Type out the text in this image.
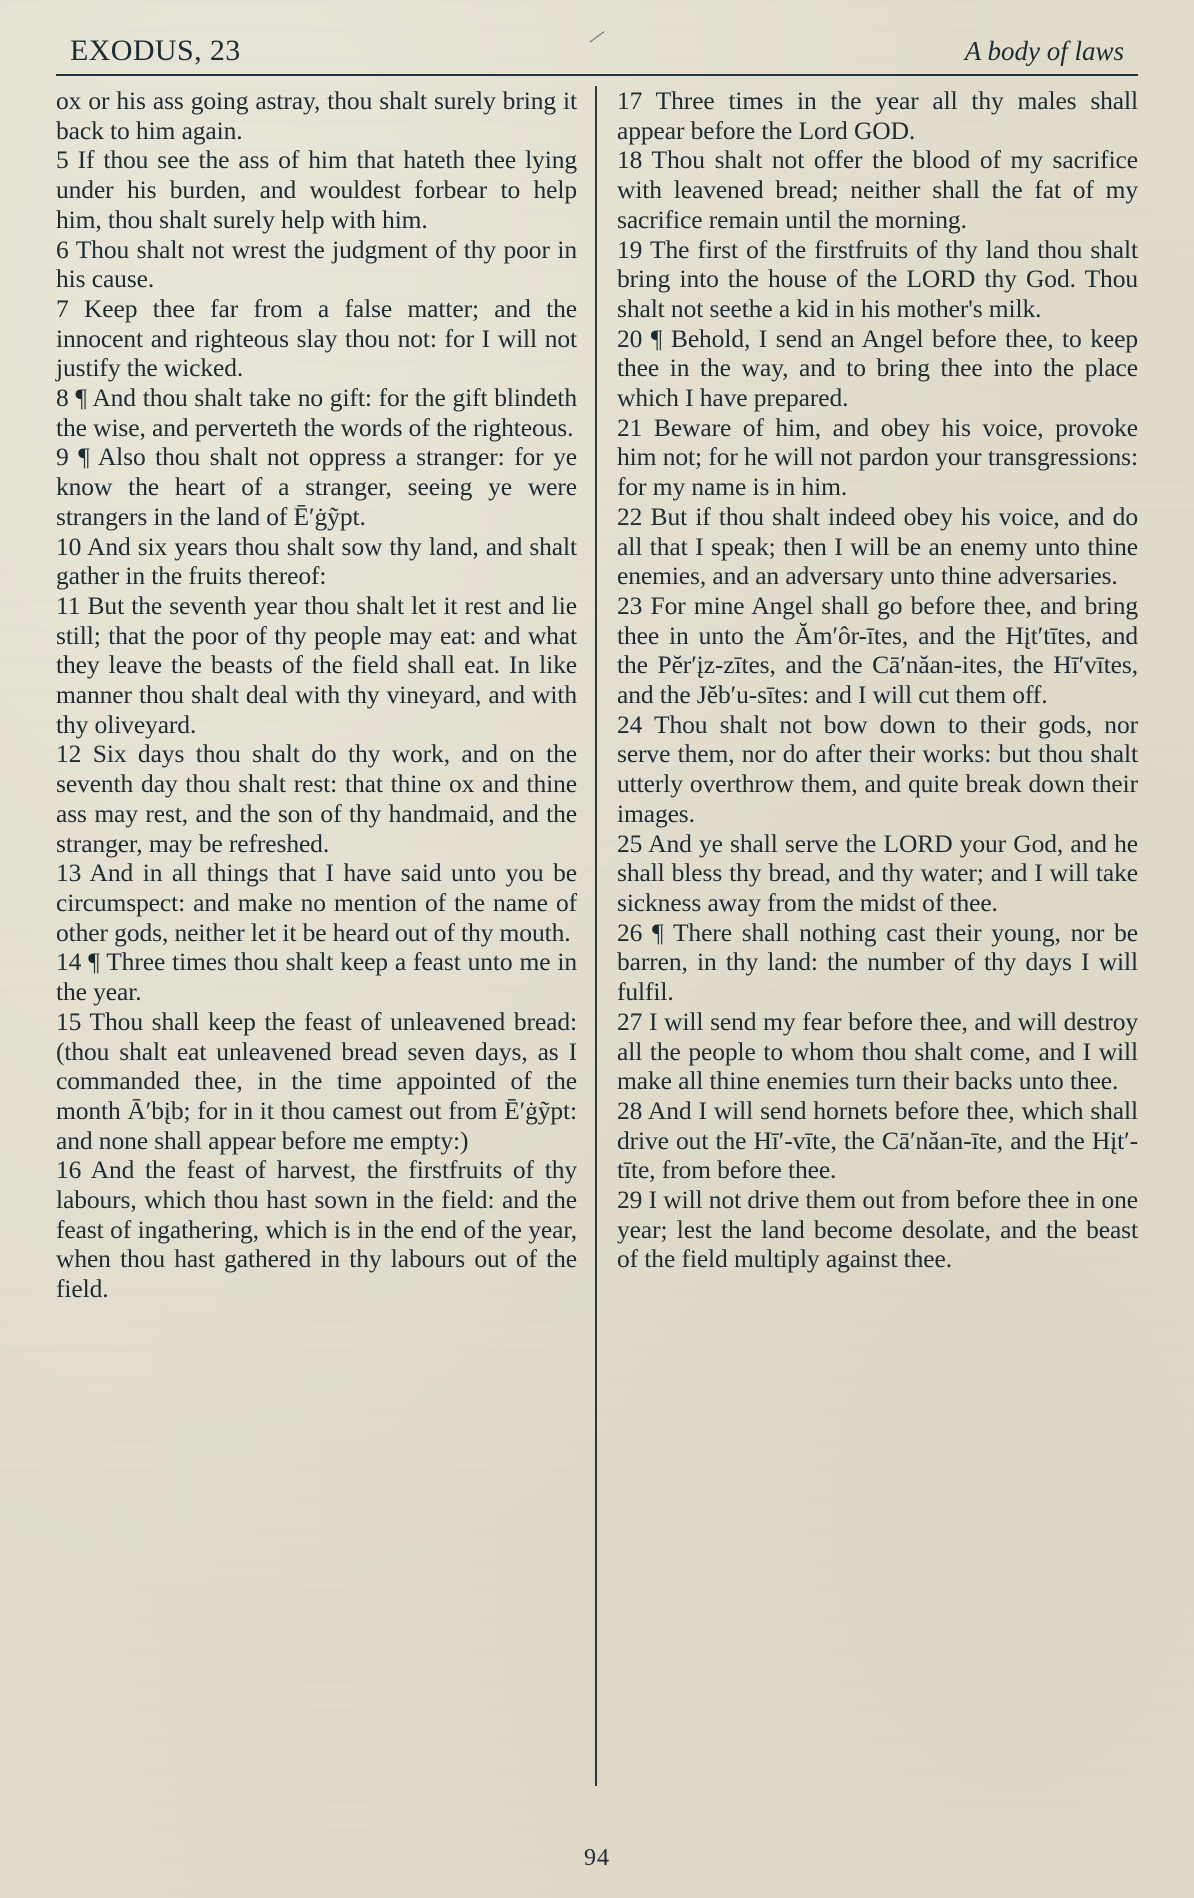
EXODUS, 23	⁄	A body of laws
ox or his ass going astray, thou shalt surely bring it back to him again.
5 If thou see the ass of him that hateth thee lying under his burden, and wouldest forbear to help him, thou shalt surely help with him.
6 Thou shalt not wrest the judgment of thy poor in his cause.
7 Keep thee far from a false matter; and the innocent and righteous slay thou not: for I will not justify the wicked.
8 ¶ And thou shalt take no gift: for the gift blindeth the wise, and perverteth the words of the righteous.
9 ¶ Also thou shalt not oppress a stranger: for ye know the heart of a stranger, seeing ye were strangers in the land of Ē′ġỹpt.
10 And six years thou shalt sow thy land, and shalt gather in the fruits thereof:
11 But the seventh year thou shalt let it rest and lie still; that the poor of thy people may eat: and what they leave the beasts of the field shall eat. In like manner thou shalt deal with thy vineyard, and with thy oliveyard.
12 Six days thou shalt do thy work, and on the seventh day thou shalt rest: that thine ox and thine ass may rest, and the son of thy handmaid, and the stranger, may be refreshed.
13 And in all things that I have said unto you be circumspect: and make no mention of the name of other gods, neither let it be heard out of thy mouth.
14 ¶ Three times thou shalt keep a feast unto me in the year.
15 Thou shall keep the feast of unleavened bread: (thou shalt eat unleavened bread seven days, as I commanded thee, in the time appointed of the month Ā′bįb; for in it thou camest out from Ē′ġỹpt: and none shall appear before me empty:)
16 And the feast of harvest, the firstfruits of thy labours, which thou hast sown in the field: and the feast of ingathering, which is in the end of the year, when thou hast gathered in thy labours out of the field.
17 Three times in the year all thy males shall appear before the Lord GOD.
18 Thou shalt not offer the blood of my sacrifice with leavened bread; neither shall the fat of my sacrifice remain until the morning.
19 The first of the firstfruits of thy land thou shalt bring into the house of the LORD thy God. Thou shalt not seethe a kid in his mother's milk.
20 ¶ Behold, I send an Angel before thee, to keep thee in the way, and to bring thee into the place which I have prepared.
21 Beware of him, and obey his voice, provoke him not; for he will not pardon your transgressions: for my name is in him.
22 But if thou shalt indeed obey his voice, and do all that I speak; then I will be an enemy unto thine enemies, and an adversary unto thine adversaries.
23 For mine Angel shall go before thee, and bring thee in unto the Ăm′ôr-ītes, and the Hįt′tītes, and the Pĕr′įz-zītes, and the Cā′năan-ites, the Hī′vītes, and the Jĕb′u-sītes: and I will cut them off.
24 Thou shalt not bow down to their gods, nor serve them, nor do after their works: but thou shalt utterly overthrow them, and quite break down their images.
25 And ye shall serve the LORD your God, and he shall bless thy bread, and thy water; and I will take sickness away from the midst of thee.
26 ¶ There shall nothing cast their young, nor be barren, in thy land: the number of thy days I will fulfil.
27 I will send my fear before thee, and will destroy all the people to whom thou shalt come, and I will make all thine enemies turn their backs unto thee.
28 And I will send hornets before thee, which shall drive out the Hī′-vīte, the Cā′năan-īte, and the Hįt′-tīte, from before thee.
29 I will not drive them out from before thee in one year; lest the land become desolate, and the beast of the field multiply against thee.
94
